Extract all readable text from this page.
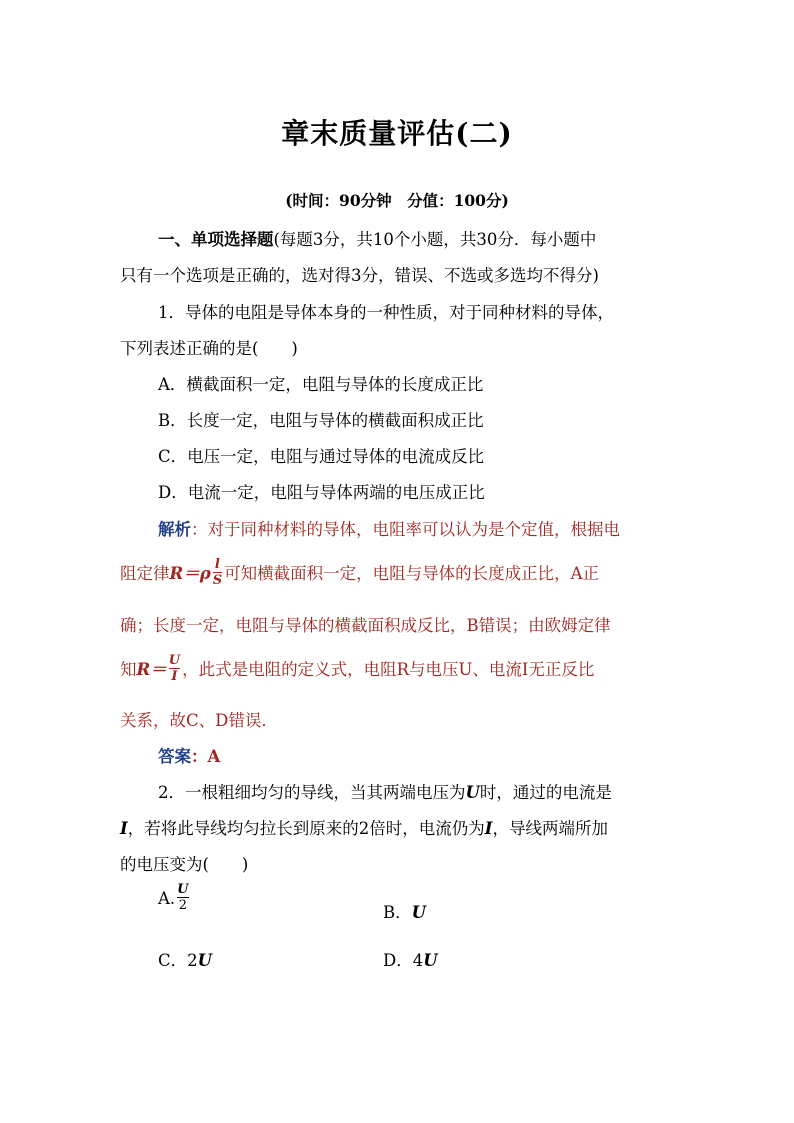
章末质量评估(二)
(时间：90分钟　分值：100分)
一、单项选择题(每题3分，共10个小题，共30分．每小题中
只有一个选项是正确的，选对得3分，错误、不选或多选均不得分)
1．导体的电阻是导体本身的一种性质，对于同种材料的导体，
下列表述正确的是(　　)
A．横截面积一定，电阻与导体的长度成正比
B．长度一定，电阻与导体的横截面积成正比
C．电压一定，电阻与通过导体的电流成反比
D．电流一定，电阻与导体两端的电压成正比
解析：对于同种材料的导体，电阻率可以认为是个定值，根据电
阻定律$R=\rho \frac{l}{S}$ 可知横截面积一定，电阻与导体的长度成正比，A正
确；长度一定，电阻与导体的横截面积成反比，B错误；由欧姆定律
知$R= \frac{U}{I}$ ，此式是电阻的定义式，电阻R与电压U、电流I无正反比
关系，故C、D错误．
答案：A
2．一根粗细均匀的导线，当其两端电压为U时，通过的电流是
I，若将此导线均匀拉长到原来的2倍时，电流仍为I，导线两端所加
的电压变为(　　)
A. $\frac{U}{2}$
B．U
C．2U	D．4U
